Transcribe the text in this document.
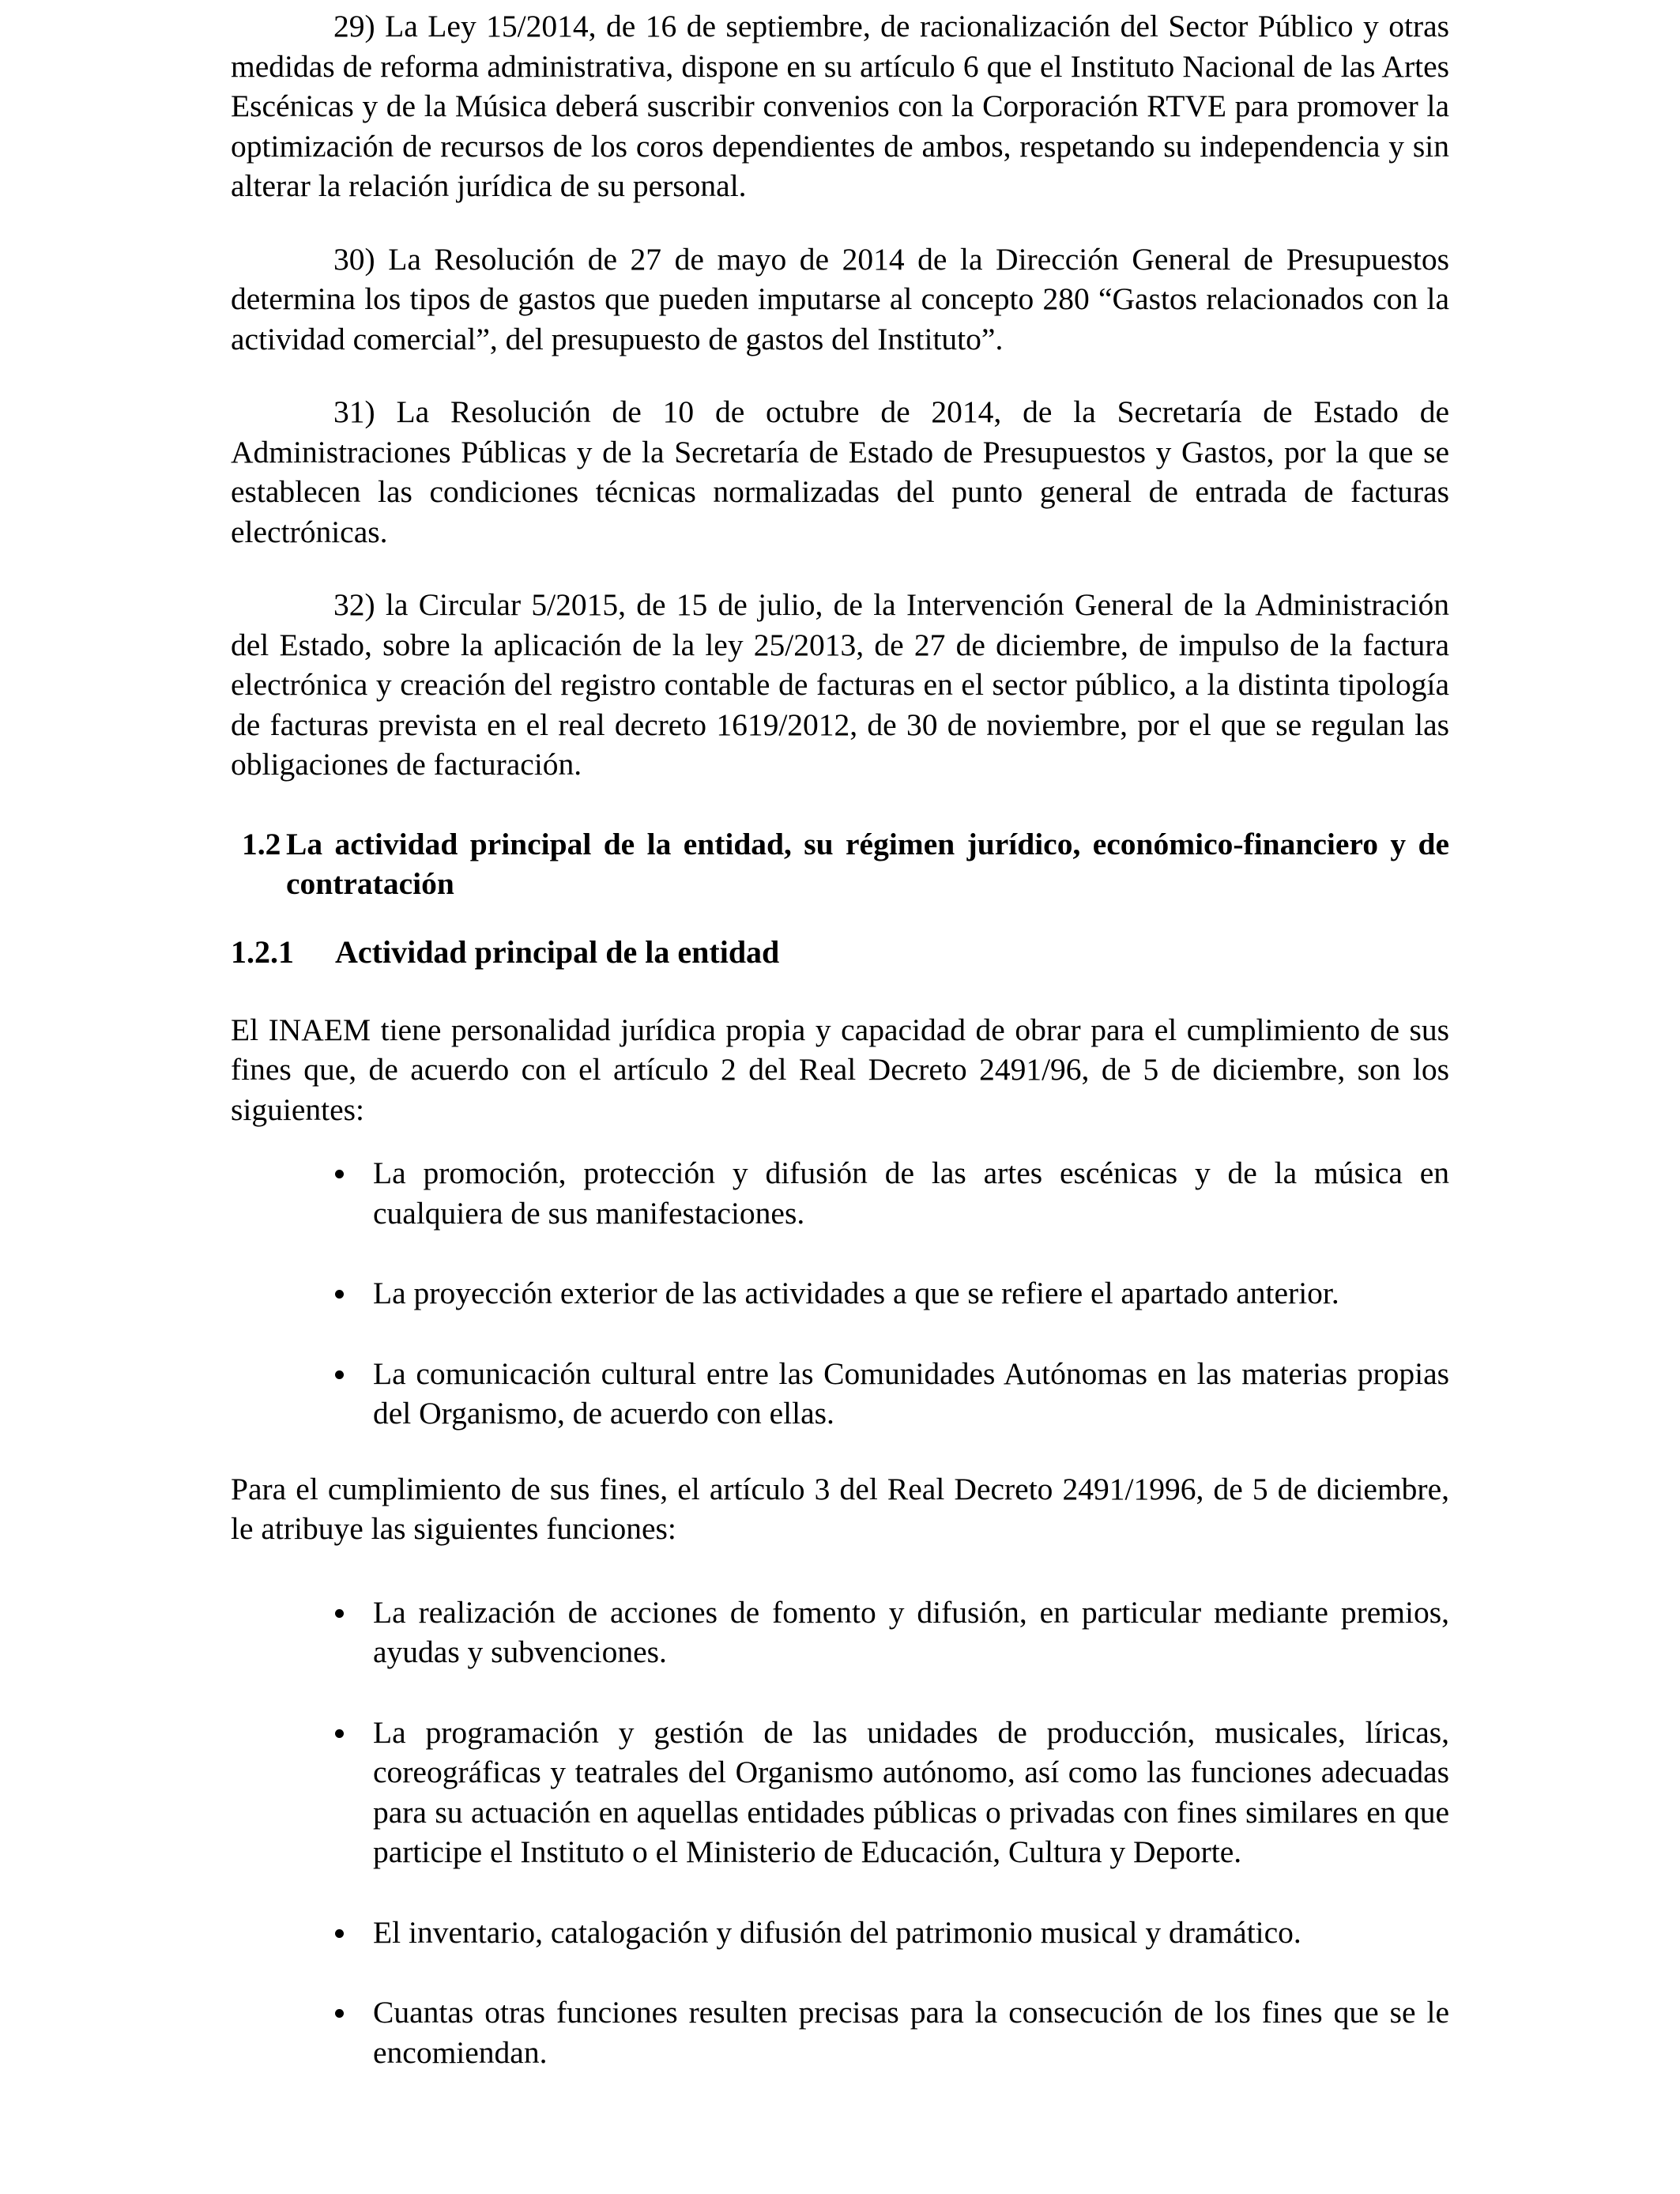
29) La Ley 15/2014, de 16 de septiembre, de racionalización del Sector Público y otras medidas de reforma administrativa, dispone en su artículo 6 que el Instituto Nacional de las Artes Escénicas y de la Música deberá suscribir convenios con la Corporación RTVE para promover la optimización de recursos de los coros dependientes de ambos, respetando su independencia y sin alterar la relación jurídica de su personal.

30) La Resolución de 27 de mayo de 2014 de la Dirección General de Presupuestos determina los tipos de gastos que pueden imputarse al concepto 280 “Gastos relacionados con la actividad comercial”, del presupuesto de gastos del Instituto”.

31) La Resolución de 10 de octubre de 2014, de la Secretaría de Estado de Administraciones Públicas y de la Secretaría de Estado de Presupuestos y Gastos, por la que se establecen las condiciones técnicas normalizadas del punto general de entrada de facturas electrónicas.

32) la Circular 5/2015, de 15 de julio, de la Intervención General de la Administración del Estado, sobre la aplicación de la ley 25/2013, de 27 de diciembre, de impulso de la factura electrónica y creación del registro contable de facturas en el sector público, a la distinta tipología de facturas prevista en el real decreto 1619/2012, de 30 de noviembre, por el que se regulan las obligaciones de facturación.

1.2 La actividad principal de la entidad, su régimen jurídico, económico-financiero y de contratación
1.2.1 Actividad principal de la entidad

El INAEM tiene personalidad jurídica propia y capacidad de obrar para el cumplimiento de sus fines que, de acuerdo con el artículo 2 del Real Decreto 2491/96, de 5 de diciembre, son los siguientes:

La promoción, protección y difusión de las artes escénicas y de la música en cualquiera de sus manifestaciones.
La proyección exterior de las actividades a que se refiere el apartado anterior.
La comunicación cultural entre las Comunidades Autónomas en las materias propias del Organismo, de acuerdo con ellas.

Para el cumplimiento de sus fines, el artículo 3 del Real Decreto 2491/1996, de 5 de diciembre, le atribuye las siguientes funciones:

La realización de acciones de fomento y difusión, en particular mediante premios, ayudas y subvenciones.
La programación y gestión de las unidades de producción, musicales, líricas, coreográficas y teatrales del Organismo autónomo, así como las funciones adecuadas para su actuación en aquellas entidades públicas o privadas con fines similares en que participe el Instituto o el Ministerio de Educación, Cultura y Deporte.
El inventario, catalogación y difusión del patrimonio musical y dramático.
Cuantas otras funciones resulten precisas para la consecución de los fines que se le encomiendan.
